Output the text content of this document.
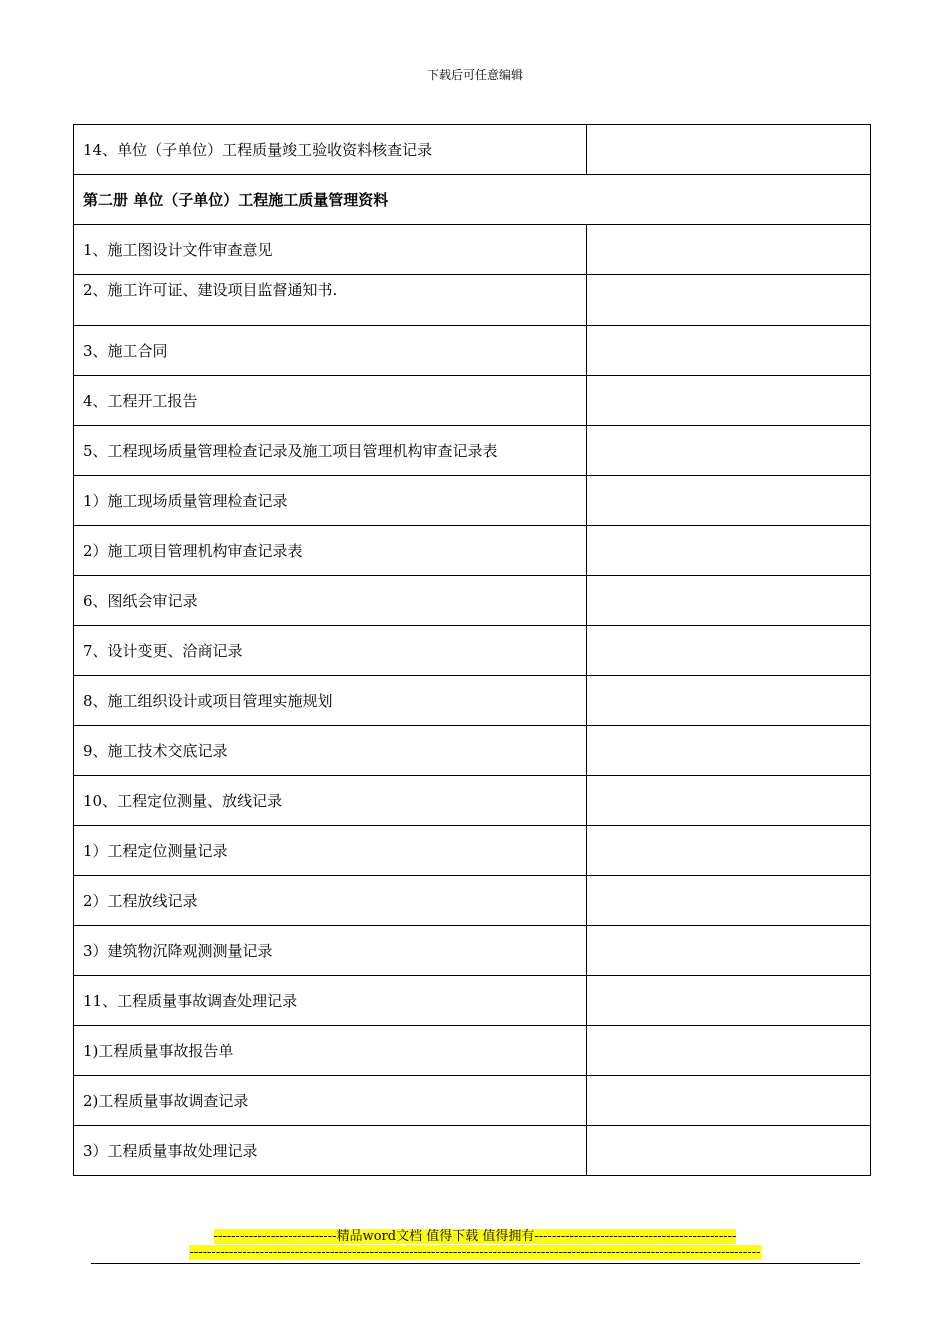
下载后可任意编辑
14、单位（子单位）工程质量竣工验收资料核查记录	
第二册 单位（子单位）工程施工质量管理资料	
1、施工图设计文件审查意见	
2、施工许可证、建设项目监督通知书.	
3、施工合同	
4、工程开工报告	
5、工程现场质量管理检查记录及施工项目管理机构审查记录表	
1）施工现场质量管理检查记录	
2）施工项目管理机构审查记录表	
6、图纸会审记录	
7、设计变更、洽商记录	
8、施工组织设计或项目管理实施规划	
9、施工技术交底记录	
10、工程定位测量、放线记录	
1）工程定位测量记录	
2）工程放线记录	
3）建筑物沉降观测测量记录	
11、工程质量事故调查处理记录	
1)工程质量事故报告单	
2)工程质量事故调查记录	
3）工程质量事故处理记录	
----------------------------精品word文档 值得下载 值得拥有----------------------------------------------
----------------------------------------------------------------------------------------------------------------------------------
